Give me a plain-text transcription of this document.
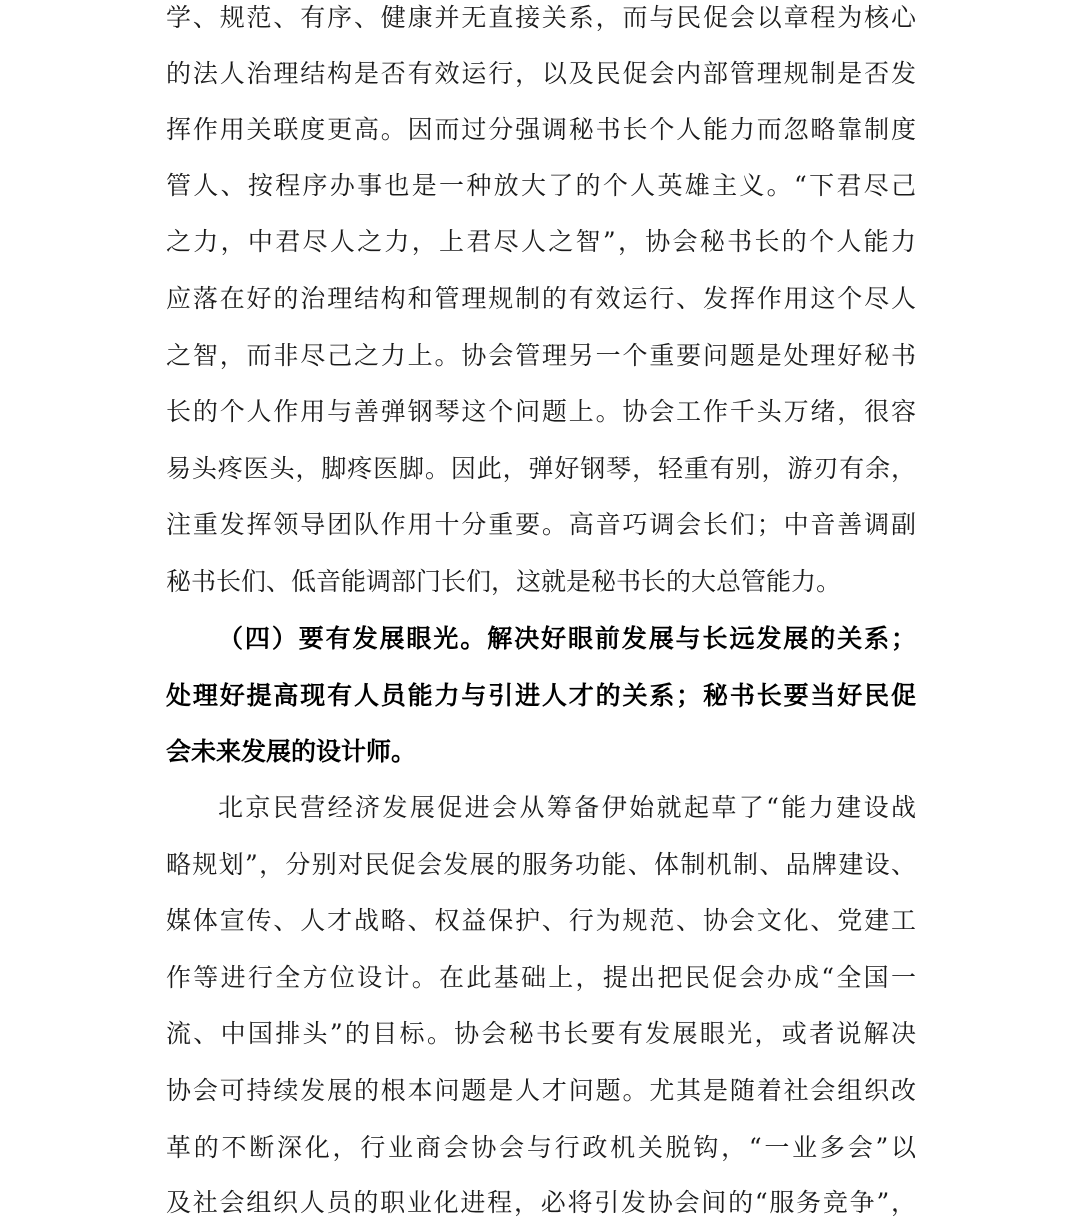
学、规范、有序、健康并无直接关系，而与民促会以章程为核心
的法人治理结构是否有效运行，以及民促会内部管理规制是否发
挥作用关联度更高。因而过分强调秘书长个人能力而忽略靠制度
管人、按程序办事也是一种放大了的个人英雄主义。“下君尽己
之力，中君尽人之力，上君尽人之智”，协会秘书长的个人能力
应落在好的治理结构和管理规制的有效运行、发挥作用这个尽人
之智，而非尽己之力上。协会管理另一个重要问题是处理好秘书
长的个人作用与善弹钢琴这个问题上。协会工作千头万绪，很容
易头疼医头，脚疼医脚。因此，弹好钢琴，轻重有别，游刃有余，
注重发挥领导团队作用十分重要。高音巧调会长们；中音善调副
秘书长们、低音能调部门长们，这就是秘书长的大总管能力。
（四）要有发展眼光。解决好眼前发展与长远发展的关系；
处理好提高现有人员能力与引进人才的关系；秘书长要当好民促
会未来发展的设计师。
北京民营经济发展促进会从筹备伊始就起草了“能力建设战
略规划”，分别对民促会发展的服务功能、体制机制、品牌建设、
媒体宣传、人才战略、权益保护、行为规范、协会文化、党建工
作等进行全方位设计。在此基础上，提出把民促会办成“全国一
流、中国排头”的目标。协会秘书长要有发展眼光，或者说解决
协会可持续发展的根本问题是人才问题。尤其是随着社会组织改
革的不断深化，行业商会协会与行政机关脱钩，“一业多会”以
及社会组织人员的职业化进程，必将引发协会间的“服务竞争”，
